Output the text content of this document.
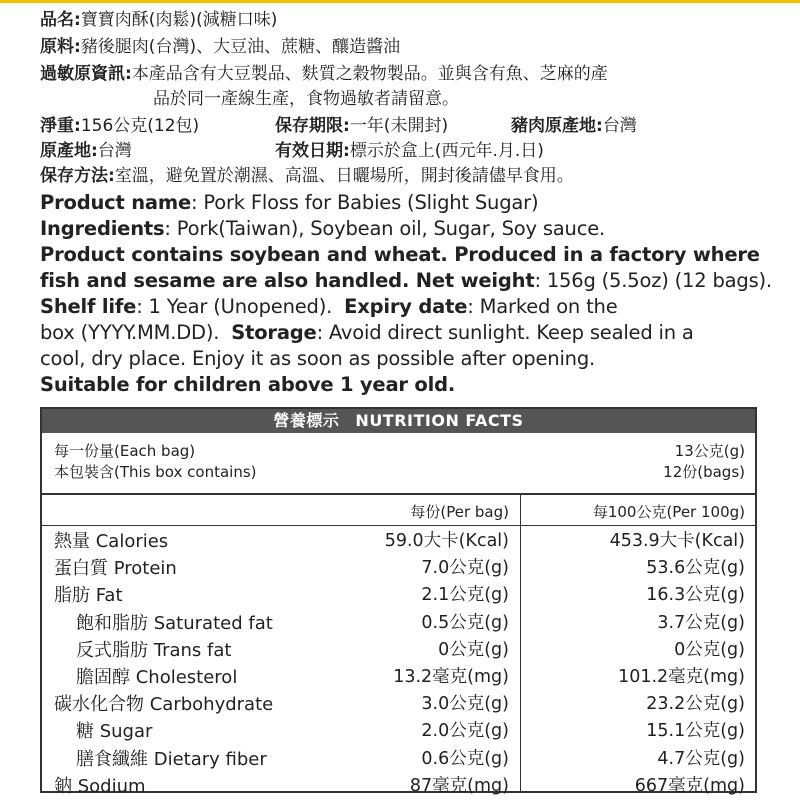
品名:寶寶肉酥(肉鬆)(減糖口味)
原料:豬後腿肉(台灣)、大豆油、蔗糖、釀造醬油
過敏原資訊:本產品含有大豆製品、麩質之穀物製品。並與含有魚、芝麻的產
品於同一產線生產，食物過敏者請留意。
淨重:156公克(12包)	保存期限:一年(未開封)	豬肉原產地:台灣
原產地:台灣	有效日期:標示於盒上(西元年.月.日)
保存方法:室溫，避免置於潮濕、高溫、日曬場所，開封後請儘早食用。
Product name: Pork Floss for Babies (Slight Sugar)
Ingredients: Pork(Taiwan), Soybean oil, Sugar, Soy sauce.
Product contains soybean and wheat. Produced in a factory where
fish and sesame are also handled. Net weight: 156g (5.5oz) (12 bags).
Shelf life: 1 Year (Unopened).  Expiry date: Marked on the
box (YYYY.MM.DD).  Storage: Avoid direct sunlight. Keep sealed in a
cool, dry place. Enjoy it as soon as possible after opening.
Suitable for children above 1 year old.
營養標示 NUTRITION FACTS
每一份量(Each bag)	13公克(g)
本包裝含(This box contains)	12份(bags)
每份(Per bag)	每100公克(Per 100g)
熱量 Calories	59.0大卡(Kcal)	453.9大卡(Kcal)
蛋白質 Protein	7.0公克(g)	53.6公克(g)
脂肪 Fat	2.1公克(g)	16.3公克(g)
飽和脂肪 Saturated fat	0.5公克(g)	3.7公克(g)
反式脂肪 Trans fat	0公克(g)	0公克(g)
膽固醇 Cholesterol	13.2毫克(mg)	101.2毫克(mg)
碳水化合物 Carbohydrate	3.0公克(g)	23.2公克(g)
糖 Sugar	2.0公克(g)	15.1公克(g)
膳食纖維 Dietary fiber	0.6公克(g)	4.7公克(g)
鈉 Sodium	87毫克(mg)	667毫克(mg)
